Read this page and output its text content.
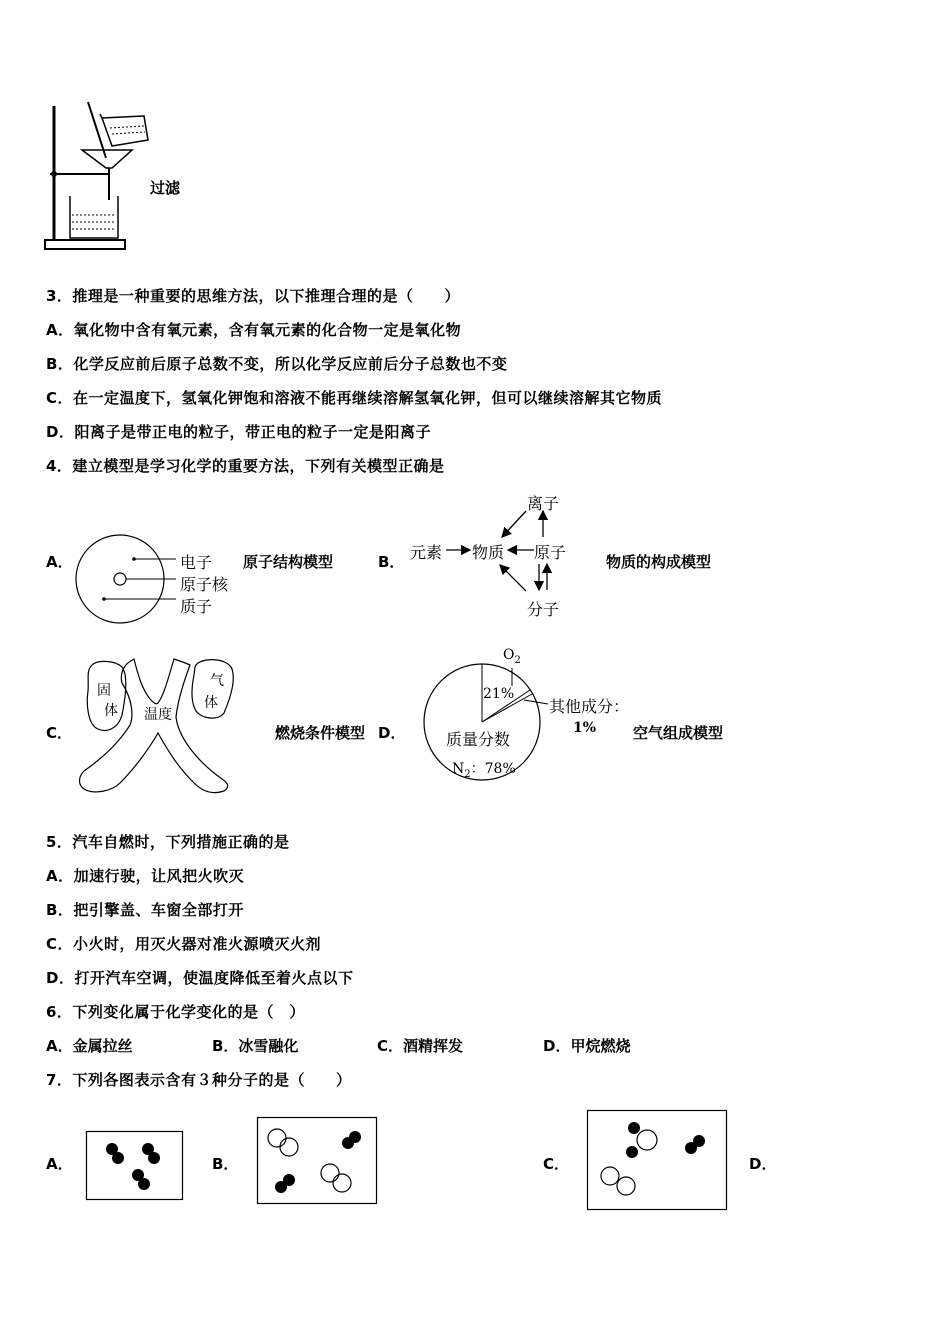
过滤
3．推理是一种重要的思维方法，以下推理合理的是（　　）
A．氧化物中含有氧元素，含有氧元素的化合物一定是氧化物
B．化学反应前后原子总数不变，所以化学反应前后分子总数也不变
C．在一定温度下，氢氧化钾饱和溶液不能再继续溶解氢氧化钾，但可以继续溶解其它物质
D．阳离子是带正电的粒子，带正电的粒子一定是阳离子
4．建立模型是学习化学的重要方法，下列有关模型正确是
A．	电子
原子核
质子
原子结构模型	B．
离子
元素 物质 原子
分子
物质的构成模型
C．
固
体
气
体
温度
燃烧条件模型 D．
$O_2$
21%
其他成分：
1%
质量分数
$N_2$：78%
空气组成模型
5．汽车自燃时，下列措施正确的是
A．加速行驶，让风把火吹灭
B．把引擎盖、车窗全部打开
C．小火时，用灭火器对准火源喷灭火剂
D．打开汽车空调，使温度降低至着火点以下
6．下列变化属于化学变化的是（　）
A．金属拉丝	B．冰雪融化	C．酒精挥发	D．甲烷燃烧
7．下列各图表示含有３种分子的是（　　）
A．	B．	C．	D．
